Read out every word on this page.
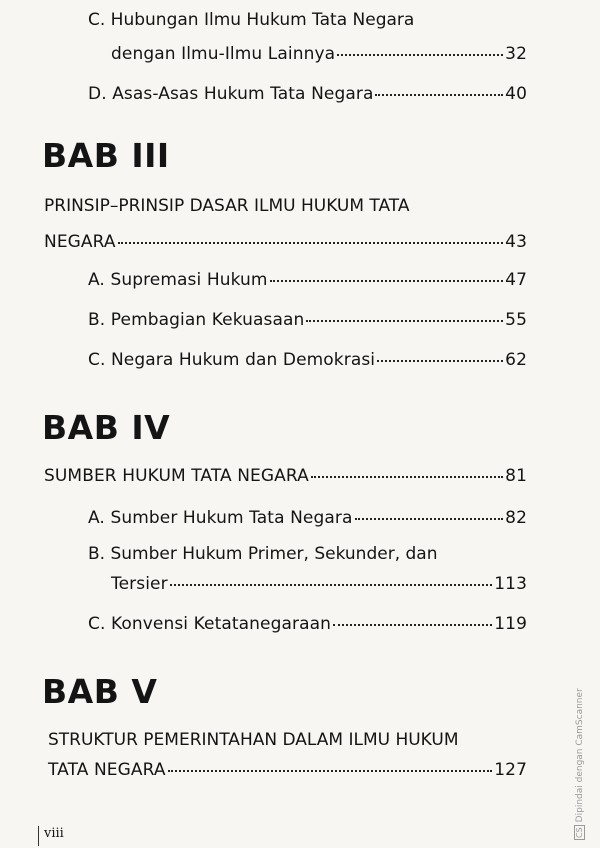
C. Hubungan Ilmu Hukum Tata Negara
dengan Ilmu-Ilmu Lainnya	32
D. Asas-Asas Hukum Tata Negara	40
BAB III
PRINSIP–PRINSIP DASAR ILMU HUKUM TATA
NEGARA	43
A. Supremasi Hukum	47
B. Pembagian Kekuasaan	55
C. Negara Hukum dan Demokrasi	62
BAB IV
SUMBER HUKUM TATA NEGARA	81
A. Sumber Hukum Tata Negara	82
B. Sumber Hukum Primer, Sekunder, dan
Tersier	113
C. Konvensi Ketatanegaraan	119
BAB V
STRUKTUR PEMERINTAHAN DALAM ILMU HUKUM
TATA NEGARA	127
viii	CSDipindai dengan CamScanner
